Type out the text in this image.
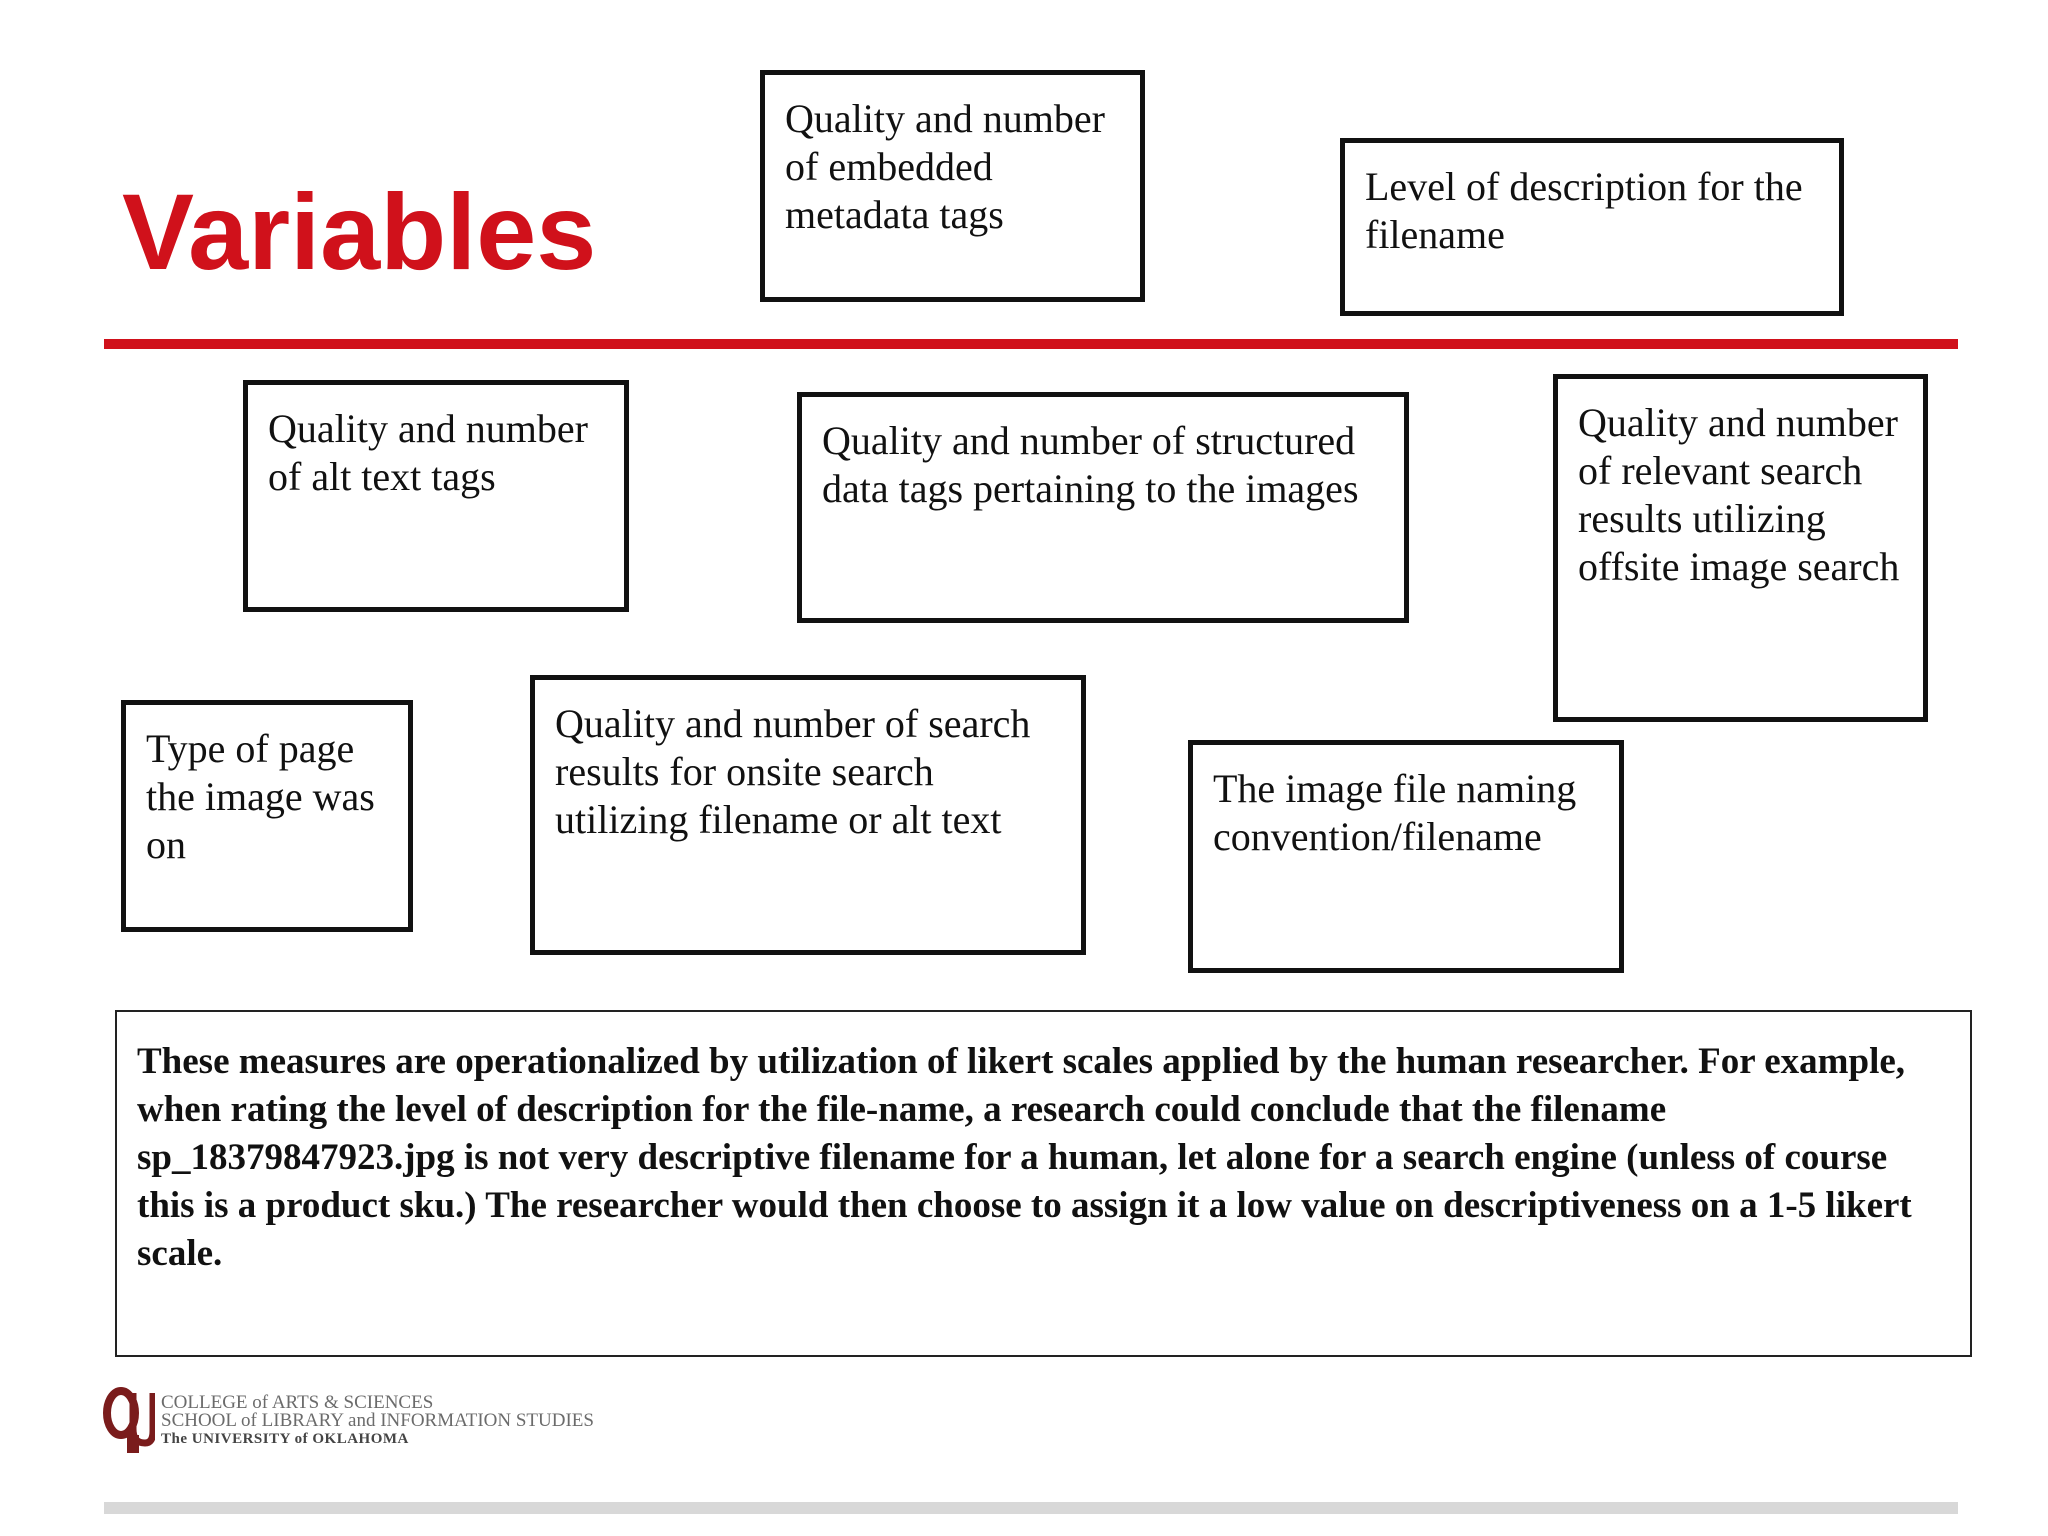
Variables
Quality and number of embedded metadata tags
Level of description for the filename
Quality and number of alt text tags
Quality and number of structured data tags pertaining to the images
Quality and number of relevant search results utilizing offsite image search
Type of page the image was on
Quality and number of search results for onsite search utilizing filename or alt text
The image file naming convention/filename
These measures are operationalized by utilization of likert scales applied by the human researcher. For example, when rating the level of description for the file-name, a research could conclude that the filename sp_18379847923.jpg is not very descriptive filename for a human, let alone for a search engine (unless of course this is a product sku.) The researcher would then choose to assign it a low value on descriptiveness on a 1-5 likert scale.
COLLEGE of ARTS & SCIENCES
SCHOOL of LIBRARY and INFORMATION STUDIES
The UNIVERSITY of OKLAHOMA
